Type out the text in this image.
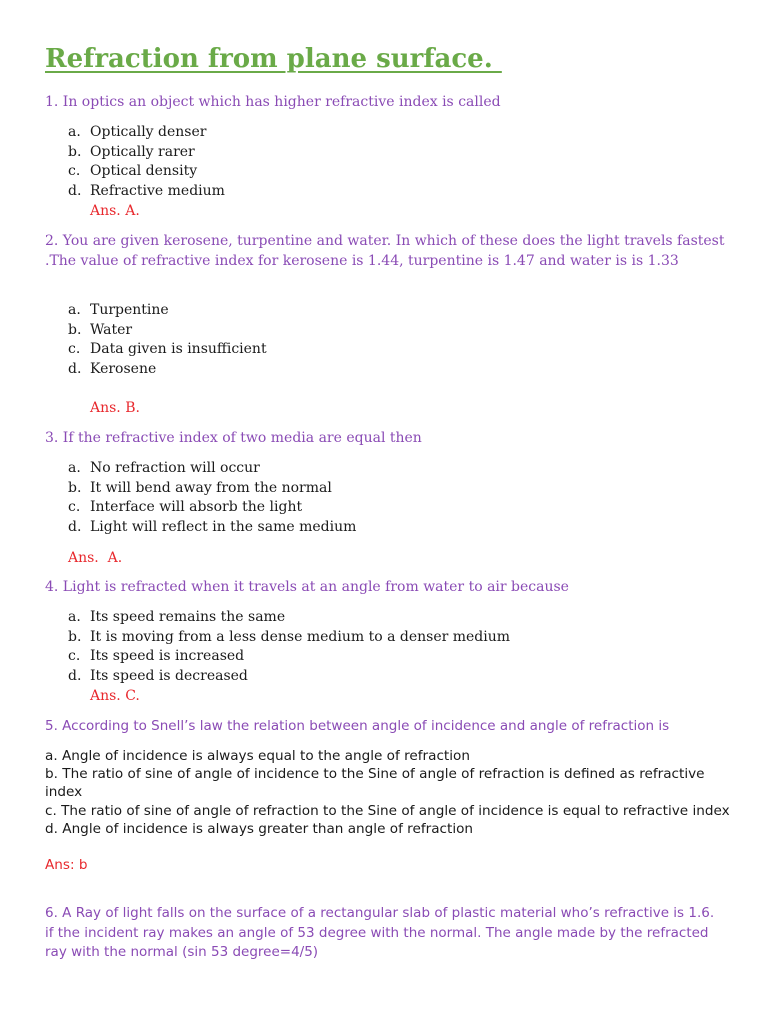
Refraction from plane surface.

1. In optics an object which has higher refractive index is called

a. Optically denser
b. Optically rarer
c. Optical density
d. Refractive medium

Ans. A.

2. You are given kerosene, turpentine and water. In which of these does the light travels fastest .The value of refractive index for kerosene is 1.44, turpentine is 1.47 and water is is 1.33

a. Turpentine
b. Water
c. Data given is insufficient
d. Kerosene

Ans. B.

3. If the refractive index of two media are equal then

a. No refraction will occur
b. It will bend away from the normal
c. Interface will absorb the light
d. Light will reflect in the same medium

Ans.  A.

4. Light is refracted when it travels at an angle from water to air because

a. Its speed remains the same
b. It is moving from a less dense medium to a denser medium
c. Its speed is increased
d. Its speed is decreased

Ans. C.

5. According to Snell’s law the relation between angle of incidence and angle of refraction is

a. Angle of incidence is always equal to the angle of refraction

b. The ratio of sine of angle of incidence to the Sine of angle of refraction is defined as refractive index

c. The ratio of sine of angle of refraction to the Sine of angle of incidence is equal to refractive index

d. Angle of incidence is always greater than angle of refraction

Ans: b

6. A Ray of light falls on the surface of a rectangular slab of plastic material who’s refractive is 1.6. if the incident ray makes an angle of 53 degree with the normal. The angle made by the refracted ray with the normal (sin 53 degree=4/5)
